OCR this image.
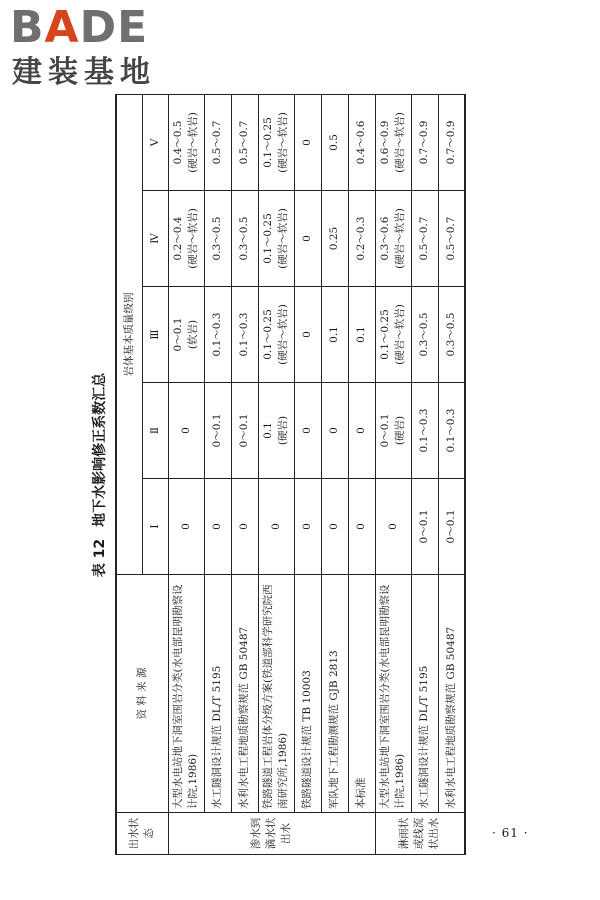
BADE
建装基地
表 12地下水影响修正系数汇总
出水状态	资 料 来 源	岩体基本质量级别				
		Ⅰ	Ⅱ	Ⅲ	Ⅳ	Ⅴ
渗水到滴水状出水	大型水电站地下洞室围岩分类(水电部昆明勘察设计院,1986)	0	0	0～0.1 (软岩)	0.2～0.4 (硬岩～软岩)	0.4～0.5 (硬岩～软岩)

	水工隧洞设计规范 DL/T 5195	0	0～0.1	0.1～0.3	0.3～0.5	0.5～0.7

	水利水电工程地质勘察规范 GB 50487	0	0～0.1	0.1～0.3	0.3～0.5	0.5～0.7

	铁路隧道工程岩体分级方案(铁道部科学研究院西南研究所,1986)	0	0.1 (硬岩)	0.1～0.25 (硬岩～软岩)	0.1～0.25 (硬岩～软岩)	0.1～0.25 (硬岩～软岩)

	铁路隧道设计规范 TB 10003	0	0	0	0	0

	军队地下工程勘测规范 GJB 2813	0	0	0.1	0.25	0.5

	本标准	0	0	0.1	0.2～0.3	0.4～0.6

淋雨状或线流状出水	大型水电站地下洞室围岩分类(水电部昆明勘察设计院,1986)	0	0～0.1 (硬岩)	0.1～0.25 (硬岩～软岩)	0.3～0.6 (硬岩～软岩)	0.6～0.9 (硬岩～软岩)

	水工隧洞设计规范 DL/T 5195	0～0.1	0.1～0.3	0.3～0.5	0.5～0.7	0.7～0.9

	水利水电工程地质勘察规范 GB 50487	0～0.1	0.1～0.3	0.3～0.5	0.5～0.7	0.7～0.9
· 61 ·
